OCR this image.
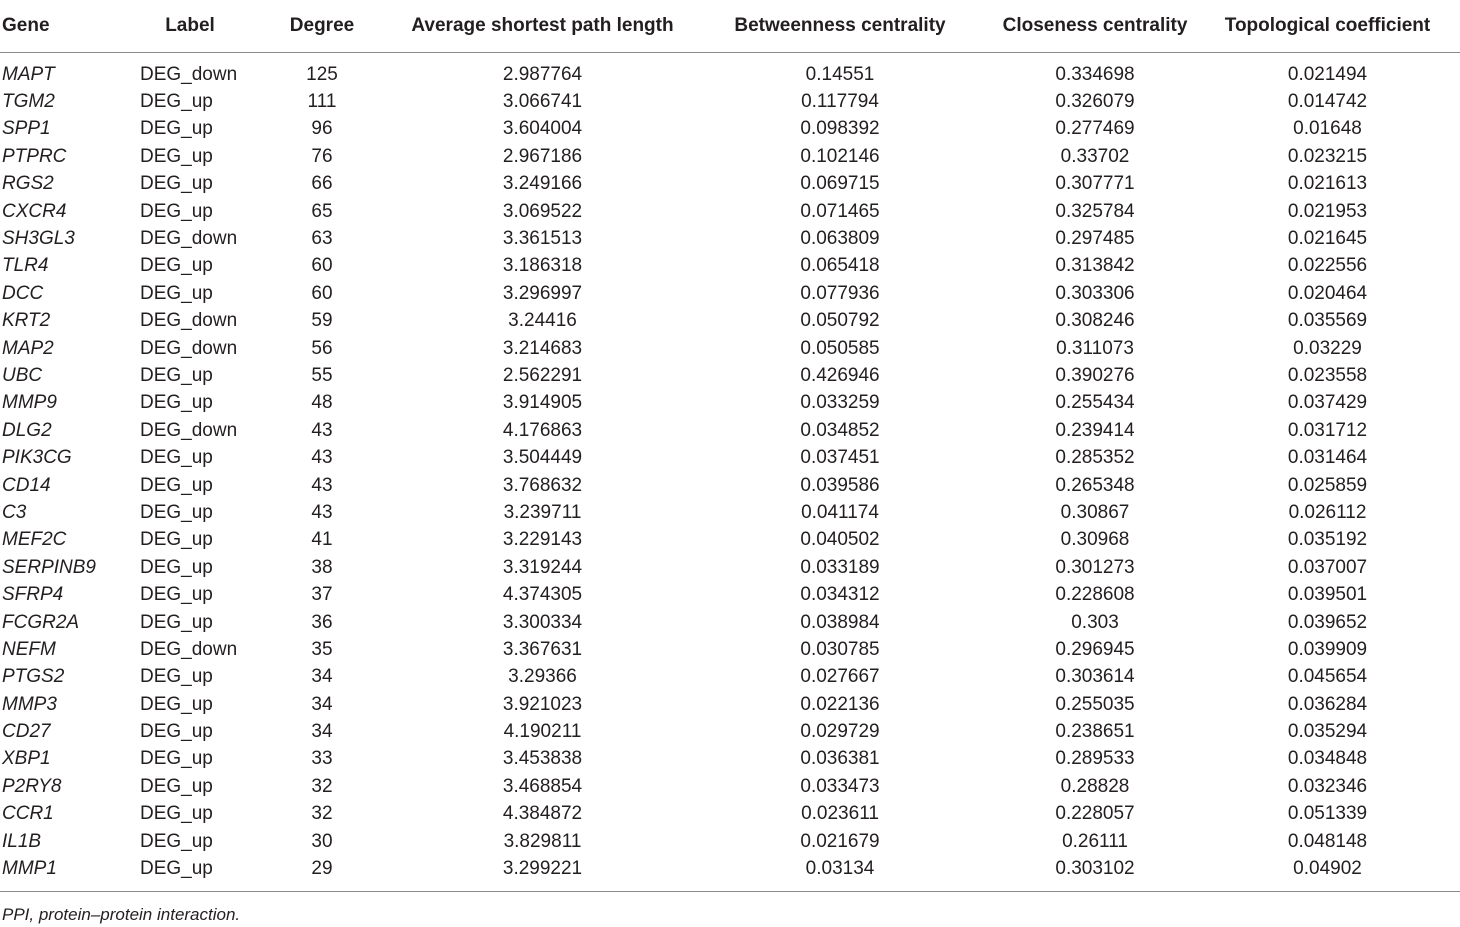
Gene	Label	Degree	Average shortest path length	Betweenness centrality	Closeness centrality	Topological coefficient
MAPT	DEG_down	125	2.987764	0.14551	0.334698	0.021494
TGM2	DEG_up	111	3.066741	0.117794	0.326079	0.014742
SPP1	DEG_up	96	3.604004	0.098392	0.277469	0.01648
PTPRC	DEG_up	76	2.967186	0.102146	0.33702	0.023215
RGS2	DEG_up	66	3.249166	0.069715	0.307771	0.021613
CXCR4	DEG_up	65	3.069522	0.071465	0.325784	0.021953
SH3GL3	DEG_down	63	3.361513	0.063809	0.297485	0.021645
TLR4	DEG_up	60	3.186318	0.065418	0.313842	0.022556
DCC	DEG_up	60	3.296997	0.077936	0.303306	0.020464
KRT2	DEG_down	59	3.24416	0.050792	0.308246	0.035569
MAP2	DEG_down	56	3.214683	0.050585	0.311073	0.03229
UBC	DEG_up	55	2.562291	0.426946	0.390276	0.023558
MMP9	DEG_up	48	3.914905	0.033259	0.255434	0.037429
DLG2	DEG_down	43	4.176863	0.034852	0.239414	0.031712
PIK3CG	DEG_up	43	3.504449	0.037451	0.285352	0.031464
CD14	DEG_up	43	3.768632	0.039586	0.265348	0.025859
C3	DEG_up	43	3.239711	0.041174	0.30867	0.026112
MEF2C	DEG_up	41	3.229143	0.040502	0.30968	0.035192
SERPINB9	DEG_up	38	3.319244	0.033189	0.301273	0.037007
SFRP4	DEG_up	37	4.374305	0.034312	0.228608	0.039501
FCGR2A	DEG_up	36	3.300334	0.038984	0.303	0.039652
NEFM	DEG_down	35	3.367631	0.030785	0.296945	0.039909
PTGS2	DEG_up	34	3.29366	0.027667	0.303614	0.045654
MMP3	DEG_up	34	3.921023	0.022136	0.255035	0.036284
CD27	DEG_up	34	4.190211	0.029729	0.238651	0.035294
XBP1	DEG_up	33	3.453838	0.036381	0.289533	0.034848
P2RY8	DEG_up	32	3.468854	0.033473	0.28828	0.032346
CCR1	DEG_up	32	4.384872	0.023611	0.228057	0.051339
IL1B	DEG_up	30	3.829811	0.021679	0.26111	0.048148
MMP1	DEG_up	29	3.299221	0.03134	0.303102	0.04902
PPI, protein–protein interaction.
